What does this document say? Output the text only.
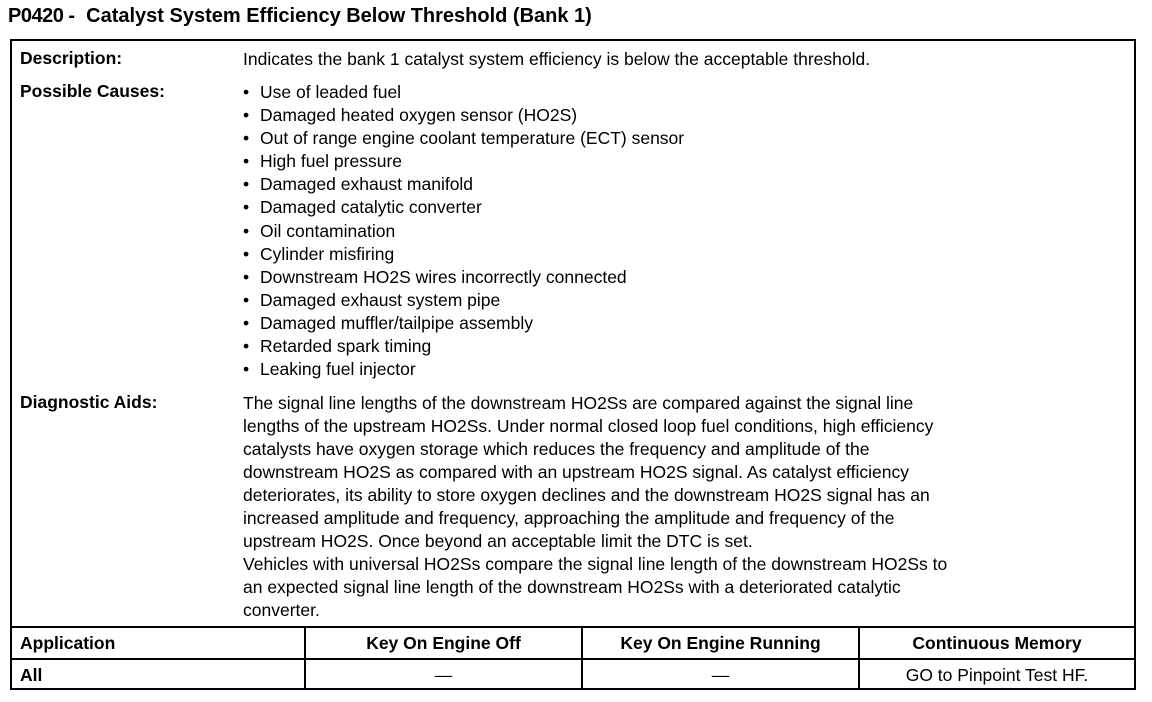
P0420 - Catalyst System Efficiency Below Threshold (Bank 1)
Description:	Indicates the bank 1 catalyst system efficiency is below the acceptable threshold.
Possible Causes:	• Use of leaded fuel
• Damaged heated oxygen sensor (HO2S)
• Out of range engine coolant temperature (ECT) sensor
• High fuel pressure
• Damaged exhaust manifold
• Damaged catalytic converter
• Oil contamination
• Cylinder misfiring
• Downstream HO2S wires incorrectly connected
• Damaged exhaust system pipe
• Damaged muffler/tailpipe assembly
• Retarded spark timing
• Leaking fuel injector
Diagnostic Aids:	The signal line lengths of the downstream HO2Ss are compared against the signal line

lengths of the upstream HO2Ss. Under normal closed loop fuel conditions, high efficiency

catalysts have oxygen storage which reduces the frequency and amplitude of the

downstream HO2S as compared with an upstream HO2S signal. As catalyst efficiency

deteriorates, its ability to store oxygen declines and the downstream HO2S signal has an

increased amplitude and frequency, approaching the amplitude and frequency of the

upstream HO2S. Once beyond an acceptable limit the DTC is set.

Vehicles with universal HO2Ss compare the signal line length of the downstream HO2Ss to

an expected signal line length of the downstream HO2Ss with a deteriorated catalytic

converter.

Application	Key On Engine Off	Key On Engine Running	Continuous Memory
All	—	—	GO to Pinpoint Test HF.
